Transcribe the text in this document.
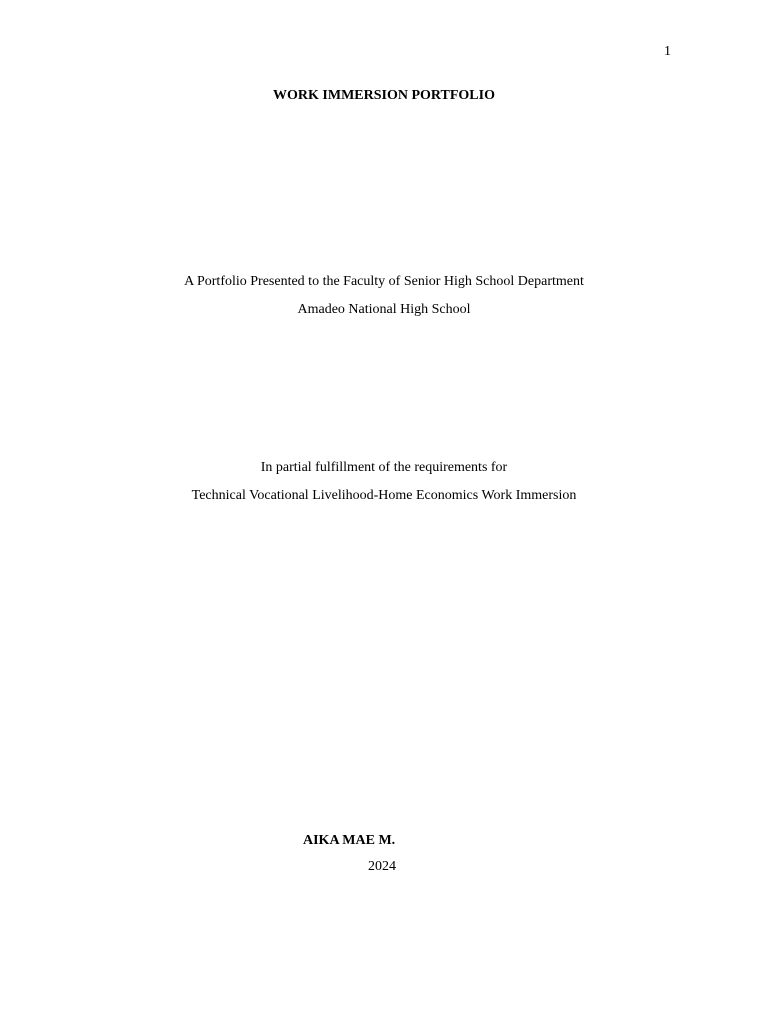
1
WORK IMMERSION PORTFOLIO
A Portfolio Presented to the Faculty of Senior High School Department
Amadeo National High School
In partial fulfillment of the requirements for
Technical Vocational Livelihood-Home Economics Work Immersion
AIKA MAE M.
2024
